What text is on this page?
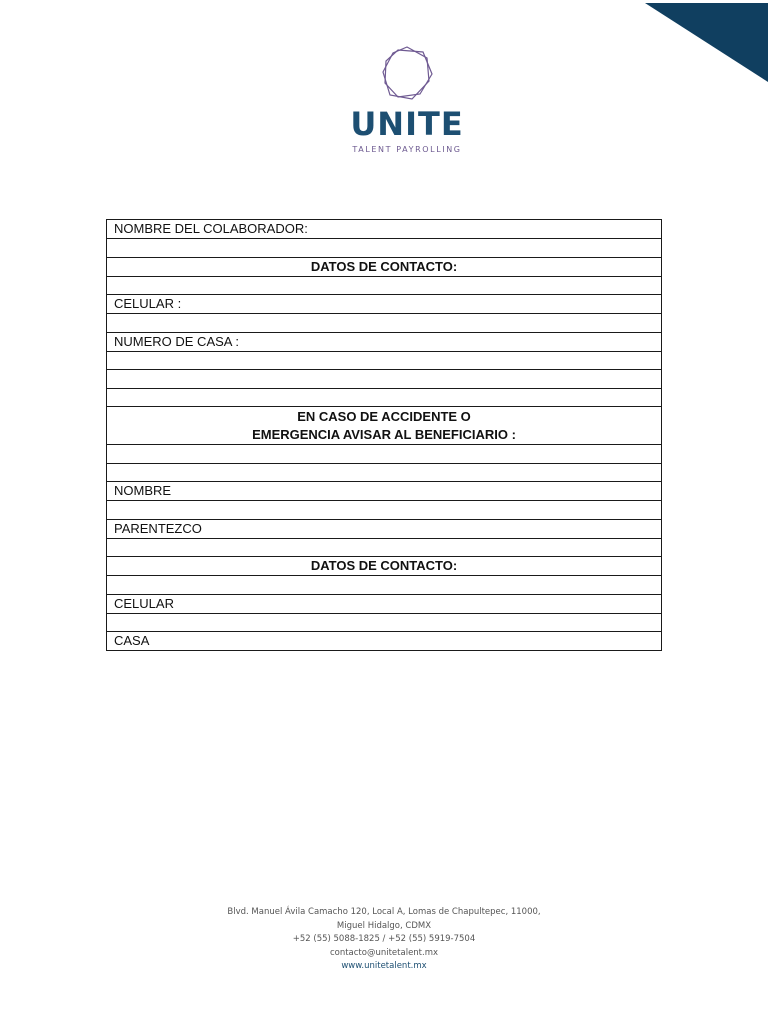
UNITE
TALENT PAYROLLING
NOMBRE DEL COLABORADOR:

DATOS DE CONTACTO:

CELULAR :

NUMERO DE CASA :

EN CASO DE ACCIDENTE O
EMERGENCIA AVISAR AL BENEFICIARIO :

NOMBRE

PARENTEZCO

DATOS DE CONTACTO:

CELULAR

CASA
Blvd. Manuel Ávila Camacho 120, Local A, Lomas de Chapultepec, 11000,
Miguel Hidalgo, CDMX
+52 (55) 5088-1825 / +52 (55) 5919-7504
contacto@unitetalent.mx
www.unitetalent.mx
